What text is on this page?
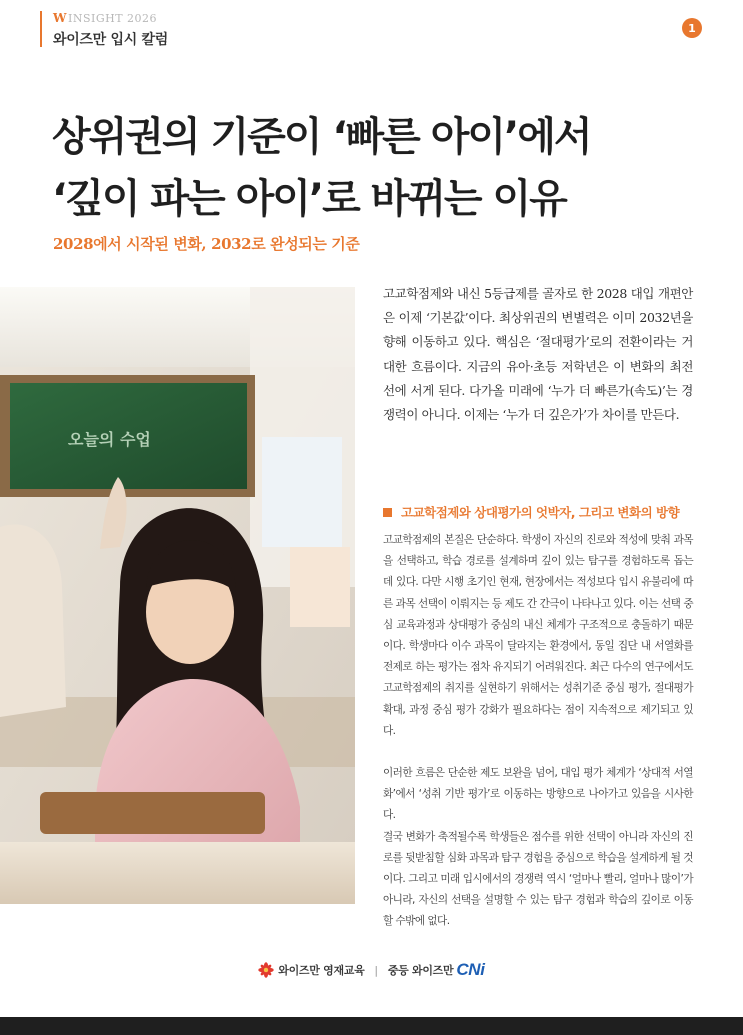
W INSIGHT 2026
와이즈만 입시 칼럼
1
상위권의 기준이 ‘빠른 아이’에서
‘깊이 파는 아이’로 바뀌는 이유
2028에서 시작된 변화, 2032로 완성되는 기준
오늘의 수업
고교학점제와 내신 5등급제를 골자로 한 2028 대입 개편안은 이제 ‘기본값’이다. 최상위권의 변별력은 이미 2032년을 향해 이동하고 있다. 핵심은 ‘절대평가’로의 전환이라는 거대한 흐름이다. 지금의 유아·초등 저학년은 이 변화의 최전선에 서게 된다. 다가올 미래에 ‘누가 더 빠른가(속도)’는 경쟁력이 아니다. 이제는 ‘누가 더 깊은가’가 차이를 만든다.
고교학점제와 상대평가의 엇박자, 그리고 변화의 방향

고교학점제의 본질은 단순하다. 학생이 자신의 진로와 적성에 맞춰 과목을 선택하고, 학습 경로를 설계하며 깊이 있는 탐구를 경험하도록 돕는 데 있다. 다만 시행 초기인 현재, 현장에서는 적성보다 입시 유불리에 따른 과목 선택이 이뤄지는 등 제도 간 간극이 나타나고 있다. 이는 선택 중심 교육과정과 상대평가 중심의 내신 체계가 구조적으로 충돌하기 때문이다. 학생마다 이수 과목이 달라지는 환경에서, 동일 집단 내 서열화를 전제로 하는 평가는 점차 유지되기 어려워진다. 최근 다수의 연구에서도 고교학점제의 취지를 실현하기 위해서는 성취기준 중심 평가, 절대평가 확대, 과정 중심 평가 강화가 필요하다는 점이 지속적으로 제기되고 있다.

이러한 흐름은 단순한 제도 보완을 넘어, 대입 평가 체계가 ‘상대적 서열화’에서 ‘성취 기반 평가’로 이동하는 방향으로 나아가고 있음을 시사한다.

결국 변화가 축적될수록 학생들은 점수를 위한 선택이 아니라 자신의 진로를 뒷받침할 심화 과목과 탐구 경험을 중심으로 학습을 설계하게 될 것이다. 그리고 미래 입시에서의 경쟁력 역시 ‘얼마나 빨리, 얼마나 많이’가 아니라, 자신의 선택을 설명할 수 있는 탐구 경험과 학습의 깊이로 이동할 수밖에 없다.

와이즈만 영재교육 | 중등 와이즈만 CNi
